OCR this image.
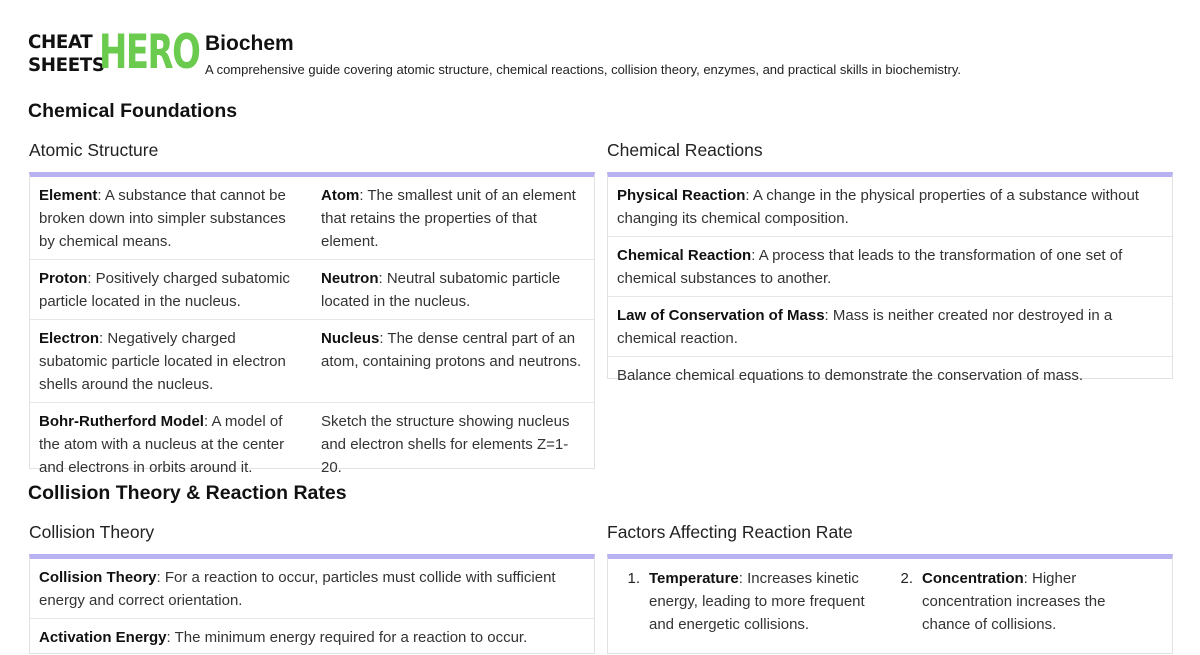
CHEAT
SHEETS
HERO Biochem
A comprehensive guide covering atomic structure, chemical reactions, collision theory, enzymes, and practical skills in biochemistry.
Chemical Foundations
Atomic Structure
Element: A substance that cannot be broken down into simpler substances by chemical means.
Atom: The smallest unit of an element that retains the properties of that element.
Proton: Positively charged subatomic particle located in the nucleus.
Neutron: Neutral subatomic particle located in the nucleus.
Electron: Negatively charged subatomic particle located in electron shells around the nucleus.
Nucleus: The dense central part of an atom, containing protons and neutrons.
Bohr-Rutherford Model: A model of the atom with a nucleus at the center and electrons in orbits around it.
Sketch the structure showing nucleus and electron shells for elements Z=1-20.
Chemical Reactions
Physical Reaction: A change in the physical properties of a substance without changing its chemical composition.
Chemical Reaction: A process that leads to the transformation of one set of chemical substances to another.
Law of Conservation of Mass: Mass is neither created nor destroyed in a chemical reaction.
Balance chemical equations to demonstrate the conservation of mass.
Collision Theory & Reaction Rates
Collision Theory
Collision Theory: For a reaction to occur, particles must collide with sufficient energy and correct orientation.
Activation Energy: The minimum energy required for a reaction to occur.
Factors Affecting Reaction Rate
1. Temperature: Increases kinetic energy, leading to more frequent and energetic collisions.
2. Concentration: Higher concentration increases the chance of collisions.
